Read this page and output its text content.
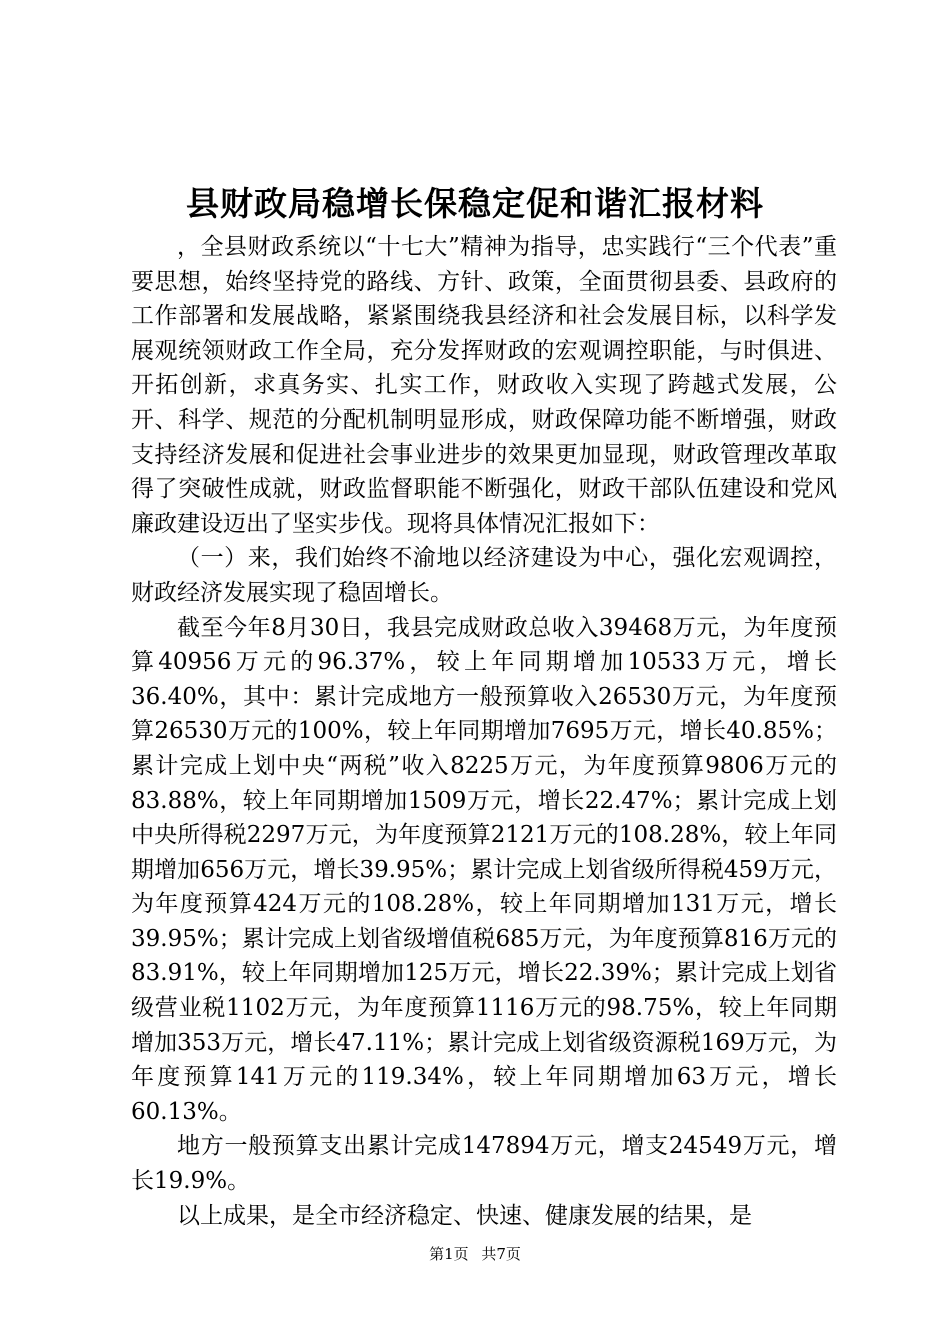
县财政局稳增长保稳定促和谐汇报材料

，全县财政系统以“十七大”精神为指导，忠实践行“三个代表”重要思想，始终坚持党的路线、方针、政策，全面贯彻县委、县政府的工作部署和发展战略，紧紧围绕我县经济和社会发展目标，以科学发展观统领财政工作全局，充分发挥财政的宏观调控职能，与时俱进、开拓创新，求真务实、扎实工作，财政收入实现了跨越式发展，公开、科学、规范的分配机制明显形成，财政保障功能不断增强，财政支持经济发展和促进社会事业进步的效果更加显现，财政管理改革取得了突破性成就，财政监督职能不断强化，财政干部队伍建设和党风廉政建设迈出了坚实步伐。现将具体情况汇报如下：

（一）来，我们始终不渝地以经济建设为中心，强化宏观调控，财政经济发展实现了稳固增长。

截至今年8月30日，我县完成财政总收入39468万元，为年度预算40956万元的96.37%，较上年同期增加10533万元，增长36.40%，其中：累计完成地方一般预算收入26530万元，为年度预算26530万元的100%，较上年同期增加7695万元，增长40.85%；累计完成上划中央“两税”收入8225万元，为年度预算9806万元的83.88%，较上年同期增加1509万元，增长22.47%；累计完成上划中央所得税2297万元，为年度预算2121万元的108.28%，较上年同期增加656万元，增长39.95%；累计完成上划省级所得税459万元，为年度预算424万元的108.28%，较上年同期增加131万元，增长39.95%；累计完成上划省级增值税685万元，为年度预算816万元的83.91%，较上年同期增加125万元，增长22.39%；累计完成上划省级营业税1102万元，为年度预算1116万元的98.75%，较上年同期增加353万元，增长47.11%；累计完成上划省级资源税169万元，为年度预算141万元的119.34%，较上年同期增加63万元，增长60.13%。

地方一般预算支出累计完成147894万元，增支24549万元，增长19.9%。

以上成果，是全市经济稳定、快速、健康发展的结果，是

第1页 共7页
